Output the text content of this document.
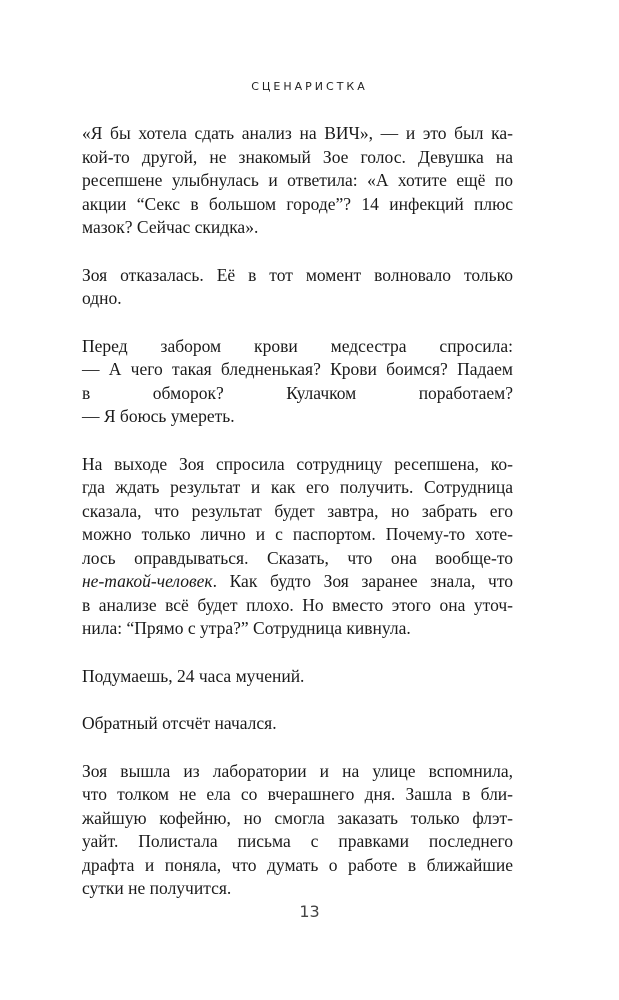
СЦЕНАРИСТКА
«Я бы хотела сдать анализ на ВИЧ», — и это был ка-
кой-то другой, не знакомый Зое голос. Девушка на
ресепшене улыбнулась и ответила: «А хотите ещё по
акции “Секс в большом городе”? 14 инфекций плюс
мазок? Сейчас скидка».
Зоя отказалась. Её в тот момент волновало только
одно.
Перед забором крови медсестра спросила:
— А чего такая бледненькая? Крови боимся? Падаем
в обморок? Кулачком поработаем?
— Я боюсь умереть.
На выходе Зоя спросила сотрудницу ресепшена, ко-
гда ждать результат и как его получить. Сотрудница
сказала, что результат будет завтра, но забрать его
можно только лично и с паспортом. Почему-то хоте-
лось оправдываться. Сказать, что она вообще-то
не-такой-человек. Как будто Зоя заранее знала, что
в анализе всё будет плохо. Но вместо этого она уточ-
нила: “Прямо с утра?” Сотрудница кивнула.
Подумаешь, 24 часа мучений.
Обратный отсчёт начался.
Зоя вышла из лаборатории и на улице вспомнила,
что толком не ела со вчерашнего дня. Зашла в бли-
жайшую кофейню, но смогла заказать только флэт-
уайт. Полистала письма с правками последнего
драфта и поняла, что думать о работе в ближайшие
сутки не получится.
13
